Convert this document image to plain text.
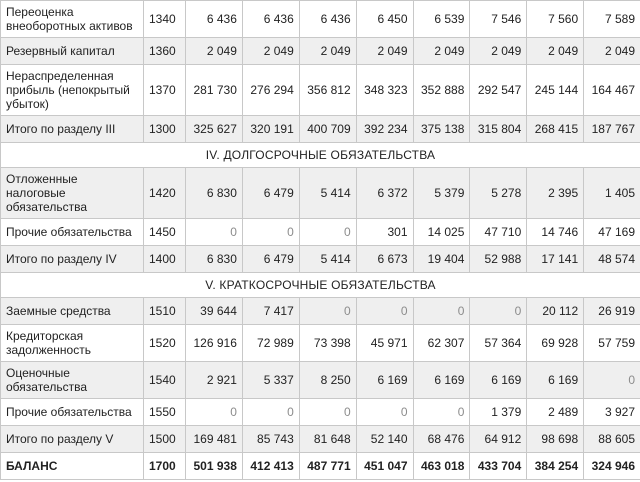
Переоценка внеоборотных активов	1340	6 436	6 436	6 436	6 450	6 539	7 546	7 560	7 589
Резервный капитал	1360	2 049	2 049	2 049	2 049	2 049	2 049	2 049	2 049
Нераспределенная прибыль (непокрытый убыток)	1370	281 730	276 294	356 812	348 323	352 888	292 547	245 144	164 467
Итого по разделу III	1300	325 627	320 191	400 709	392 234	375 138	315 804	268 415	187 767
IV. ДОЛГОСРОЧНЫЕ ОБЯЗАТЕЛЬСТВА									
Отложенные налоговые обязательства	1420	6 830	6 479	5 414	6 372	5 379	5 278	2 395	1 405
Прочие обязательства	1450	0	0	0	301	14 025	47 710	14 746	47 169
Итого по разделу IV	1400	6 830	6 479	5 414	6 673	19 404	52 988	17 141	48 574
V. КРАТКОСРОЧНЫЕ ОБЯЗАТЕЛЬСТВА									
Заемные средства	1510	39 644	7 417	0	0	0	0	20 112	26 919
Кредиторская задолженность	1520	126 916	72 989	73 398	45 971	62 307	57 364	69 928	57 759
Оценочные обязательства	1540	2 921	5 337	8 250	6 169	6 169	6 169	6 169	0
Прочие обязательства	1550	0	0	0	0	0	1 379	2 489	3 927
Итого по разделу V	1500	169 481	85 743	81 648	52 140	68 476	64 912	98 698	88 605
БАЛАНС	1700	501 938	412 413	487 771	451 047	463 018	433 704	384 254	324 946
